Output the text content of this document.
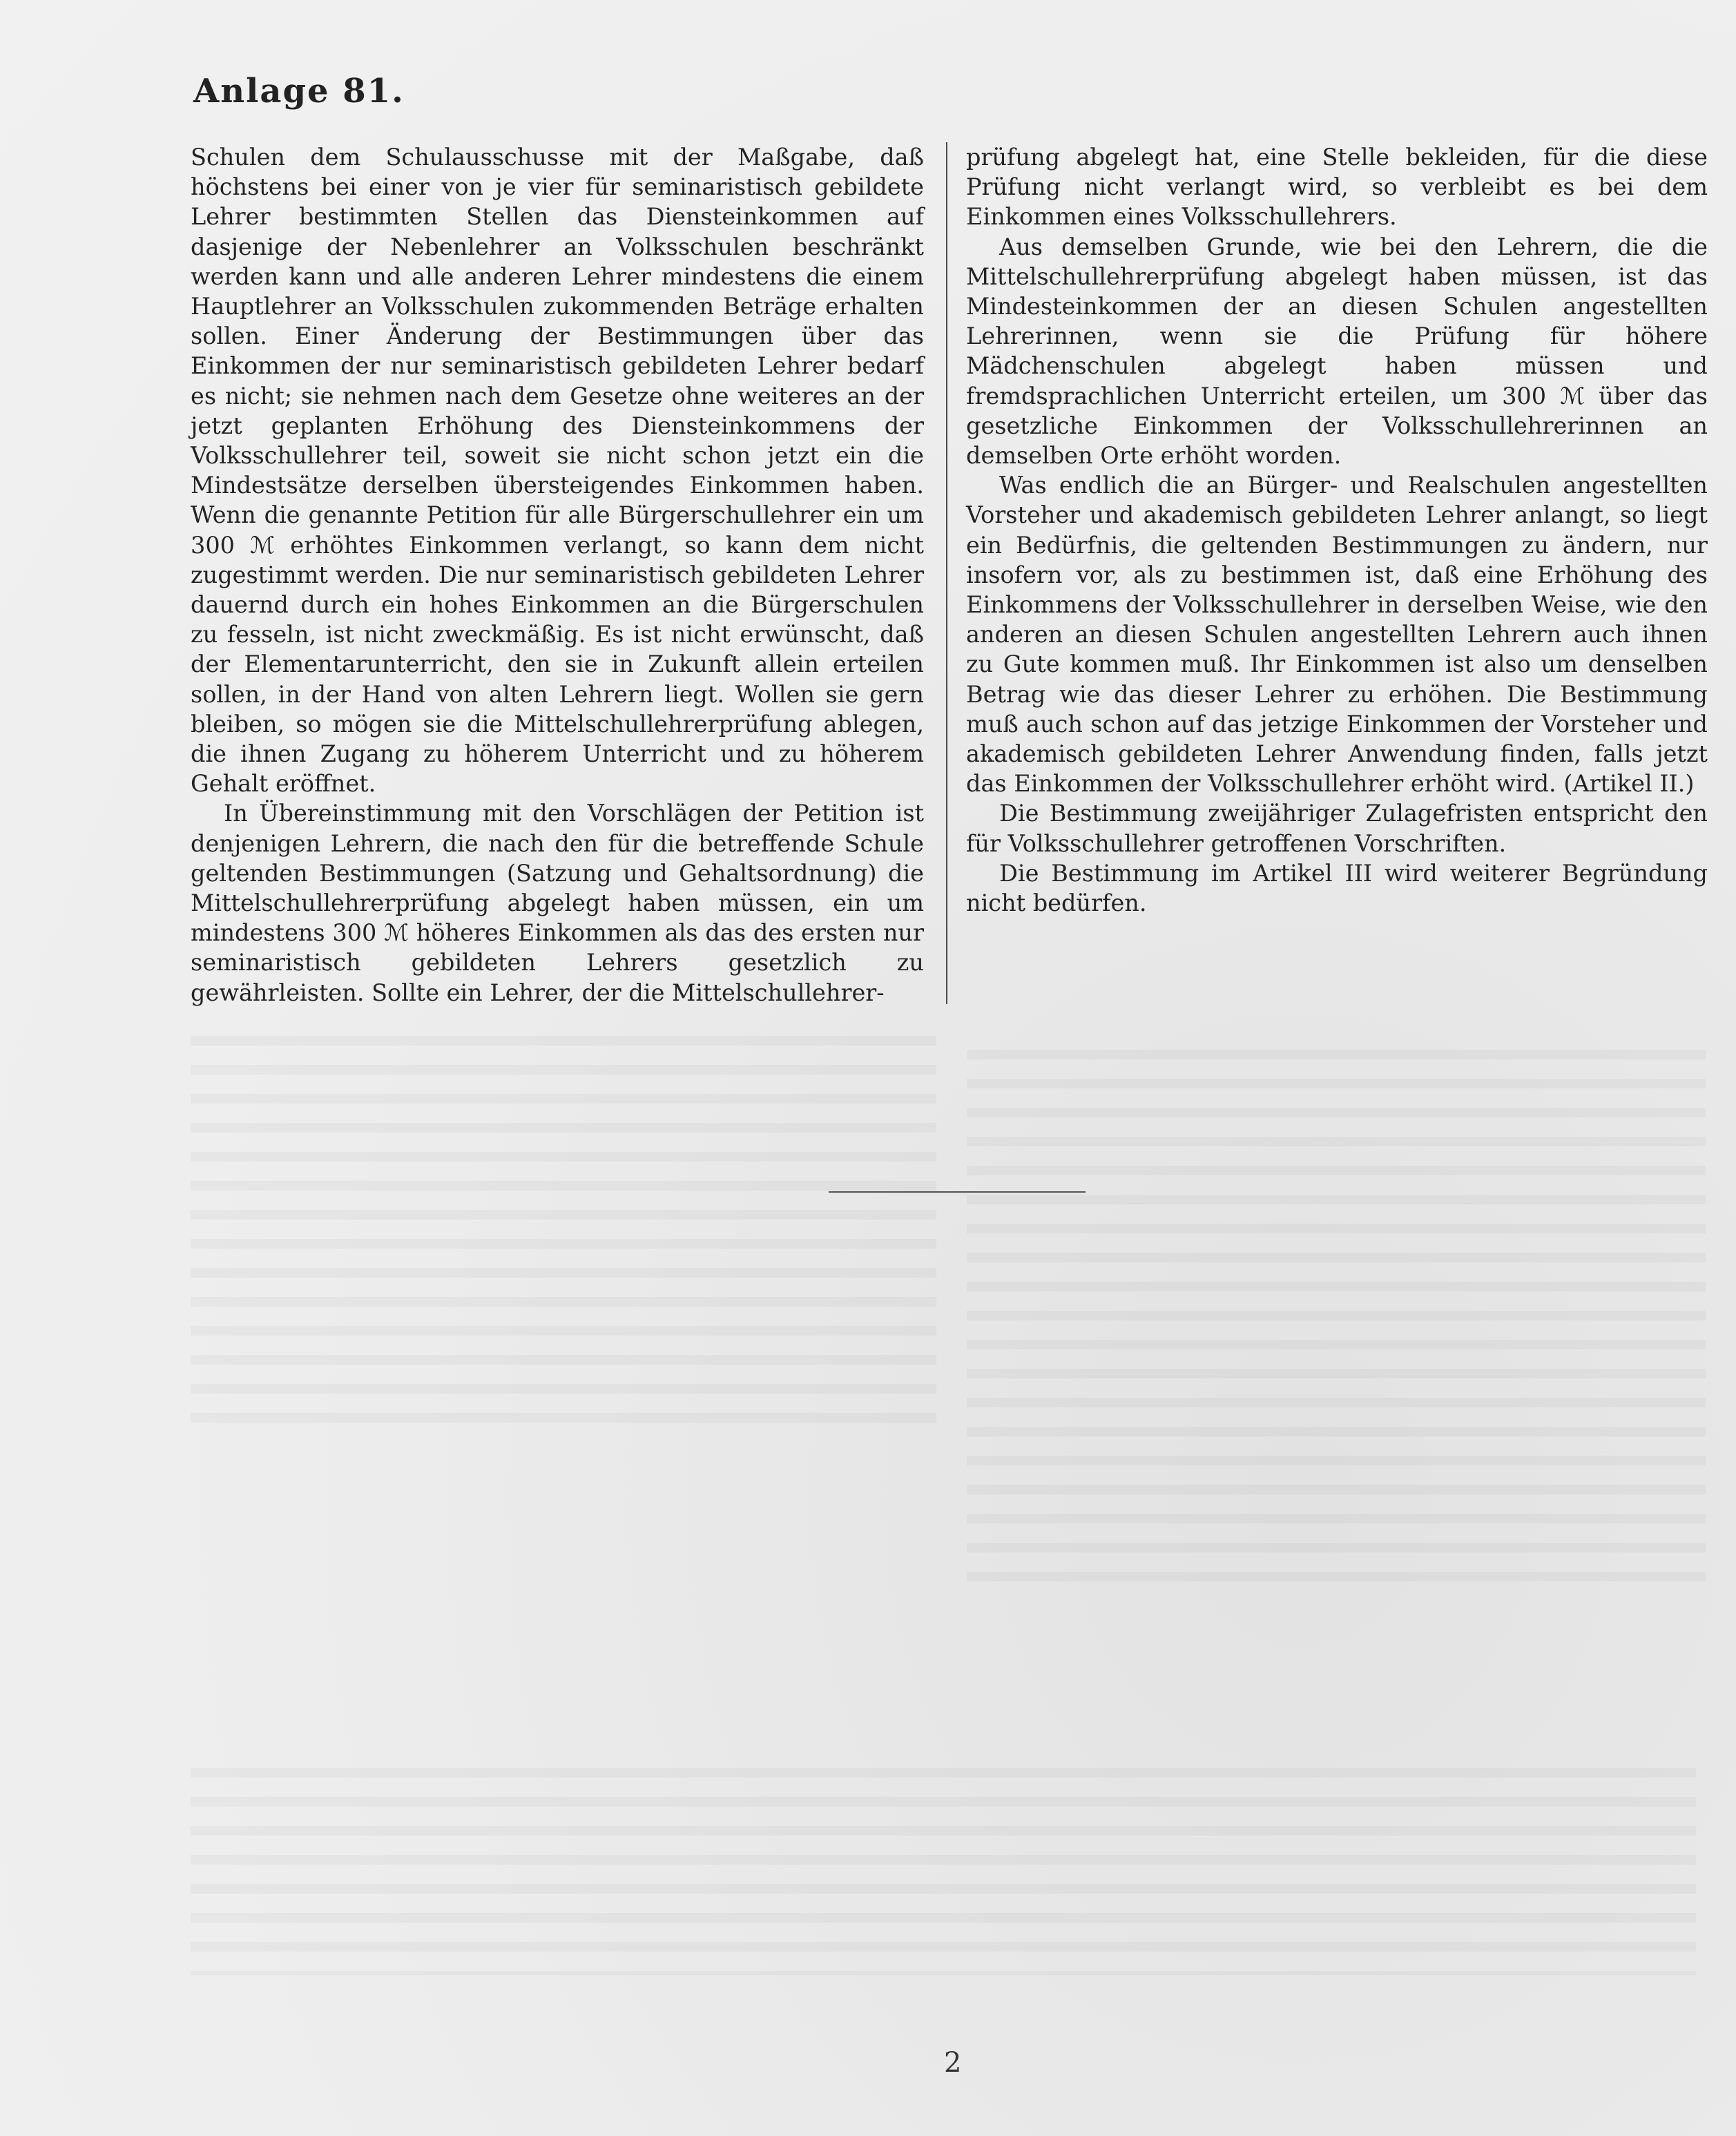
Anlage 81.

Schulen dem Schulausschusse mit der Maßgabe, daß höchstens bei einer von je vier für seminaristisch gebildete Lehrer bestimmten Stellen das Diensteinkommen auf dasjenige der Nebenlehrer an Volksschulen beschränkt werden kann und alle anderen Lehrer mindestens die einem Hauptlehrer an Volksschulen zukommenden Beträge erhalten sollen. Einer Änderung der Bestimmungen über das Einkommen der nur seminaristisch gebildeten Lehrer bedarf es nicht; sie nehmen nach dem Gesetze ohne weiteres an der jetzt geplanten Erhöhung des Diensteinkommens der Volksschullehrer teil, soweit sie nicht schon jetzt ein die Mindestsätze derselben übersteigendes Einkommen haben. Wenn die genannte Petition für alle Bürgerschullehrer ein um 300 ℳ erhöhtes Einkommen verlangt, so kann dem nicht zugestimmt werden. Die nur seminaristisch gebildeten Lehrer dauernd durch ein hohes Einkommen an die Bürgerschulen zu fesseln, ist nicht zweckmäßig. Es ist nicht erwünscht, daß der Elementarunterricht, den sie in Zukunft allein erteilen sollen, in der Hand von alten Lehrern liegt. Wollen sie gern bleiben, so mögen sie die Mittelschullehrerprüfung ablegen, die ihnen Zugang zu höherem Unterricht und zu höherem Gehalt eröffnet.

In Übereinstimmung mit den Vorschlägen der Petition ist denjenigen Lehrern, die nach den für die betreffende Schule geltenden Bestimmungen (Satzung und Gehaltsordnung) die Mittelschullehrerprüfung abgelegt haben müssen, ein um mindestens 300 ℳ höheres Einkommen als das des ersten nur seminaristisch gebildeten Lehrers gesetzlich zu gewährleisten. Sollte ein Lehrer, der die Mittelschullehrer-

prüfung abgelegt hat, eine Stelle bekleiden, für die diese Prüfung nicht verlangt wird, so verbleibt es bei dem Einkommen eines Volksschullehrers.

Aus demselben Grunde, wie bei den Lehrern, die die Mittelschullehrerprüfung abgelegt haben müssen, ist das Mindesteinkommen der an diesen Schulen angestellten Lehrerinnen, wenn sie die Prüfung für höhere Mädchenschulen abgelegt haben müssen und fremdsprachlichen Unterricht erteilen, um 300 ℳ über das gesetzliche Einkommen der Volksschullehrerinnen an demselben Orte erhöht worden.

Was endlich die an Bürger- und Realschulen angestellten Vorsteher und akademisch gebildeten Lehrer anlangt, so liegt ein Bedürfnis, die geltenden Bestimmungen zu ändern, nur insofern vor, als zu bestimmen ist, daß eine Erhöhung des Einkommens der Volksschullehrer in derselben Weise, wie den anderen an diesen Schulen angestellten Lehrern auch ihnen zu Gute kommen muß. Ihr Einkommen ist also um denselben Betrag wie das dieser Lehrer zu erhöhen. Die Bestimmung muß auch schon auf das jetzige Einkommen der Vorsteher und akademisch gebildeten Lehrer Anwendung finden, falls jetzt das Einkommen der Volksschullehrer erhöht wird. (Artikel II.)

Die Bestimmung zweijähriger Zulagefristen entspricht den für Volksschullehrer getroffenen Vorschriften.

Die Bestimmung im Artikel III wird weiterer Begründung nicht bedürfen.

2
